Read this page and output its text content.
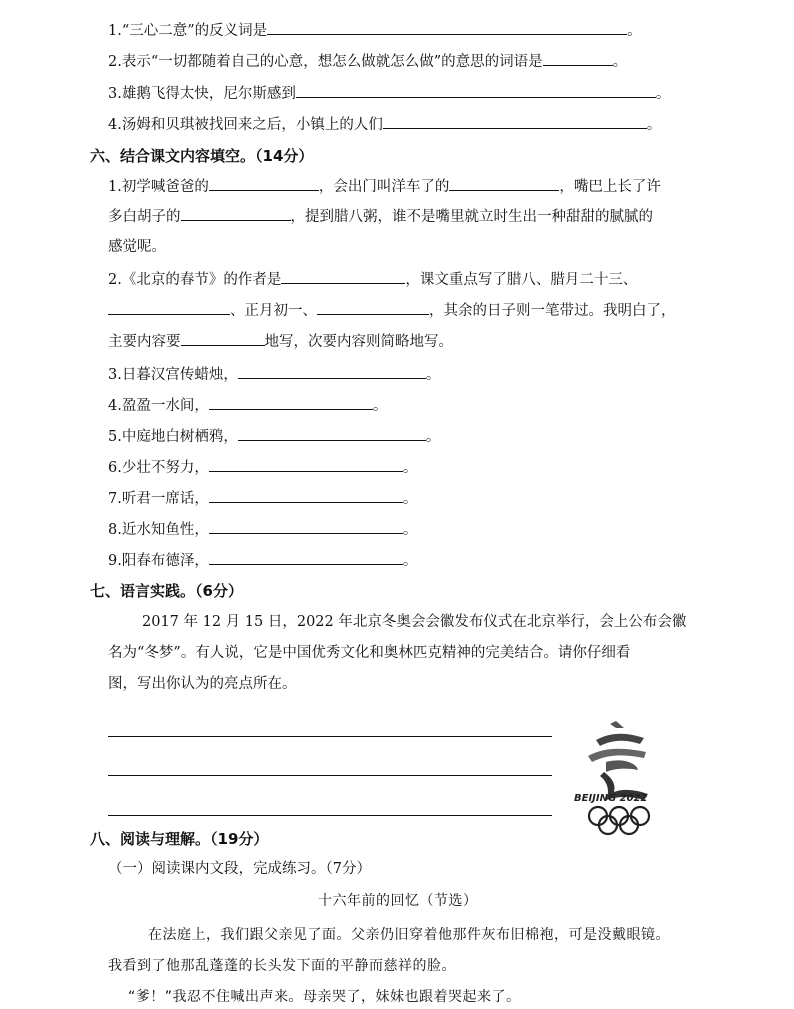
1.“三心二意”的反义词是	。
2.表示“一切都随着自己的心意，想怎么做就怎么做”的意思的词语是	。
3.雄鹅飞得太快，尼尔斯感到	。
4.汤姆和贝琪被找回来之后，小镇上的人们	。
六、结合课文内容填空。（14分）
1.初学喊爸爸的	，会出门叫洋车了的	，嘴巴上长了许
多白胡子的	，提到腊八粥，谁不是嘴里就立时生出一种甜甜的腻腻的
感觉呢。
2.《北京的春节》的作者是	，课文重点写了腊八、腊月二十三、
、正月初一、	，其余的日子则一笔带过。我明白了，
主要内容要	地写，次要内容则简略地写。
3.日暮汉宫传蜡烛，	。
4.盈盈一水间，	。
5.中庭地白树栖鸦，	。
6.少壮不努力，	。
7.听君一席话，	。
8.近水知鱼性，	。
9.阳春布德泽，	。
七、语言实践。（6分）
2017 年 12 月 15 日，2022 年北京冬奥会会徽发布仪式在北京举行，会上公布会徽
名为“冬梦”。有人说，它是中国优秀文化和奥林匹克精神的完美结合。请你仔细看
图，写出你认为的亮点所在。
BEIJING 2022
八、阅读与理解。（19分）
（一）阅读课内文段，完成练习。（7分）
十六年前的回忆（节选）
在法庭上，我们跟父亲见了面。父亲仍旧穿着他那件灰布旧棉袍，可是没戴眼镜。
我看到了他那乱蓬蓬的长头发下面的平静而慈祥的脸。
“爹！”我忍不住喊出声来。母亲哭了，妹妹也跟着哭起来了。
